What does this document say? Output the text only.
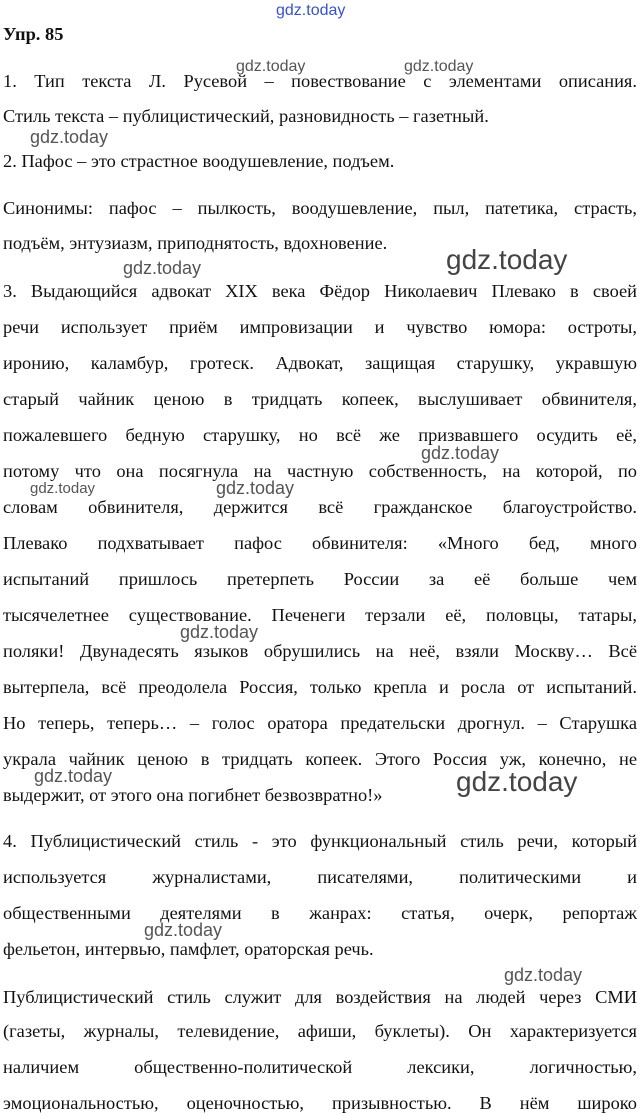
gdz.today
Упр. 85
gdz.today	gdz.today
1. Тип текста Л. Русевой – повествование с элементами описания.
Стиль текста – публицистический, разновидность – газетный.
gdz.today
2. Пафос – это страстное воодушевление, подъем.
Синонимы: пафос – пылкость, воодушевление, пыл, патетика, страсть,
подъём, энтузиазм, приподнятость, вдохновение.
gdz.today	gdz.today
3. Выдающийся адвокат XIX века Фёдор Николаевич Плевако в своей
речи использует приём импровизации и чувство юмора: остроты,
иронию, каламбур, гротеск. Адвокат, защищая старушку, укравшую
старый чайник ценою в тридцать копеек, выслушивает обвинителя,
пожалевшего бедную старушку, но всё же призвавшего осудить её,
gdz.today
потому что она посягнула на частную собственность, на которой, по
gdz.today	gdz.today
словам обвинителя, держится всё гражданское благоустройство.
Плевако подхватывает пафос обвинителя: «Много бед, много
испытаний пришлось претерпеть России за её больше чем
тысячелетнее существование. Печенеги терзали её, половцы, татары,
gdz.today
поляки! Двунадесять языков обрушились на неё, взяли Москву… Всё
вытерпела, всё преодолела Россия, только крепла и росла от испытаний.
Но теперь, теперь… – голос оратора предательски дрогнул. – Старушка
украла чайник ценою в тридцать копеек. Этого Россия уж, конечно, не
gdz.today	gdz.today
выдержит, от этого она погибнет безвозвратно!»
4. Публицистический стиль - это функциональный стиль речи, который
используется журналистами, писателями, политическими и
общественными деятелями в жанрах: статья, очерк, репортаж
gdz.today
фельетон, интервью, памфлет, ораторская речь.
gdz.today
Публицистический стиль служит для воздействия на людей через СМИ
(газеты, журналы, телевидение, афиши, буклеты). Он характеризуется
наличием общественно-политической лексики, логичностью,
эмоциональностью, оценочностью, призывностью. В нём широко
